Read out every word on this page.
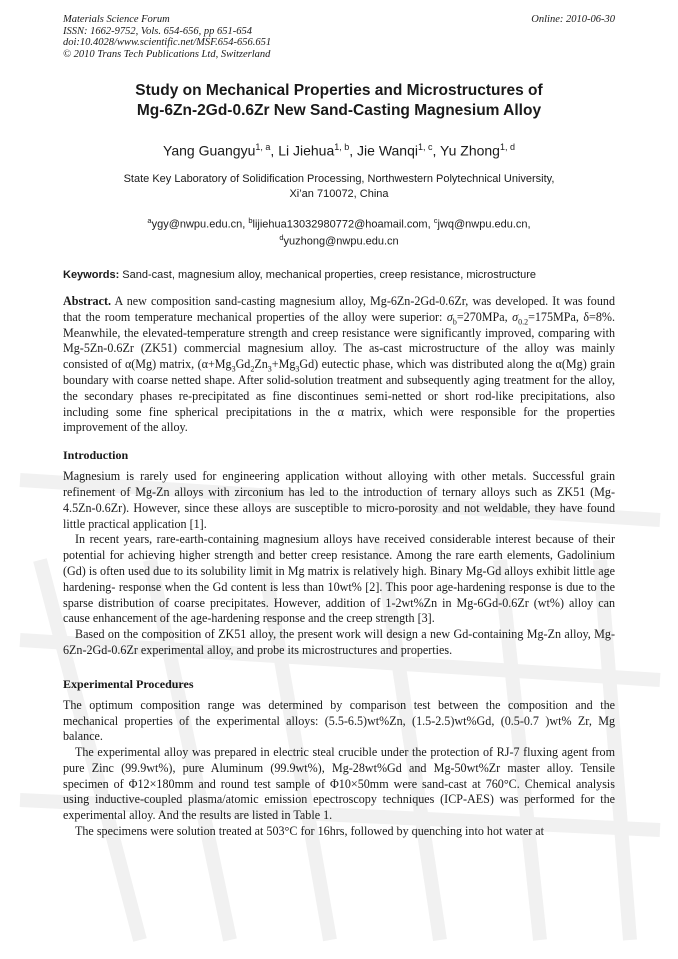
Materials Science Forum
ISSN: 1662-9752, Vols. 654-656, pp 651-654
doi:10.4028/www.scientific.net/MSF.654-656.651
© 2010 Trans Tech Publications Ltd, Switzerland
Online: 2010-06-30
Study on Mechanical Properties and Microstructures of
Mg-6Zn-2Gd-0.6Zr New Sand-Casting Magnesium Alloy
Yang Guangyu$^{1, a}$, Li Jiehua$^{1, b}$, Jie Wanqi$^{1, c}$, Yu Zhong$^{1, d}$
State Key Laboratory of Solidification Processing, Northwestern Polytechnical University,
Xi’an 710072, China
$^a$ygy@nwpu.edu.cn, $^b$lijiehua13032980772@hoamail.com, $^c$jwq@nwpu.edu.cn,
$^d$yuzhong@nwpu.edu.cn
Keywords: Sand-cast, magnesium alloy, mechanical properties, creep resistance, microstructure

Abstract. A new composition sand-casting magnesium alloy, Mg-6Zn-2Gd-0.6Zr, was developed. It was found that the room temperature mechanical properties of the alloy were superior: $\sigma_b=270MPa$, $\sigma_{0.2}=175MPa$, δ=8%. Meanwhile, the elevated-temperature strength and creep resistance were significantly improved, comparing with Mg-5Zn-0.6Zr (ZK51) commercial magnesium alloy. The as-cast microstructure of the alloy was mainly consisted of α(Mg) matrix, $(\alpha+Mg_3Gd_2Zn_3+Mg_3Gd)$ eutectic phase, which was distributed along the α(Mg) grain boundary with coarse netted shape. After solid-solution treatment and subsequently aging treatment for the alloy, the secondary phases re-precipitated as fine discontinues semi-netted or short rod-like precipitations, also including some fine spherical precipitations in the α matrix, which were responsible for the properties improvement of the alloy.

Introduction

Magnesium is rarely used for engineering application without alloying with other metals. Successful grain refinement of Mg-Zn alloys with zirconium has led to the introduction of ternary alloys such as ZK51 (Mg-4.5Zn-0.6Zr). However, since these alloys are susceptible to micro-porosity and not weldable, they have found little practical application [1].

In recent years, rare-earth-containing magnesium alloys have received considerable interest because of their potential for achieving higher strength and better creep resistance. Among the rare earth elements, Gadolinium (Gd) is often used due to its solubility limit in Mg matrix is relatively high. Binary Mg-Gd alloys exhibit little age hardening- response when the Gd content is less than 10wt% [2]. This poor age-hardening response is due to the sparse distribution of coarse precipitates. However, addition of 1-2wt%Zn in Mg-6Gd-0.6Zr (wt%) alloy can cause enhancement of the age-hardening response and the creep strength [3].

Based on the composition of ZK51 alloy, the present work will design a new Gd-containing Mg-Zn alloy, Mg-6Zn-2Gd-0.6Zr experimental alloy, and probe its microstructures and properties.

Experimental Procedures

The optimum composition range was determined by comparison test between the composition and the mechanical properties of the experimental alloys: (5.5-6.5)wt%Zn, (1.5-2.5)wt%Gd, (0.5-0.7 )wt% Zr, Mg balance.

The experimental alloy was prepared in electric steal crucible under the protection of RJ-7 fluxing agent from pure Zinc (99.9wt%), pure Aluminum (99.9wt%), Mg-28wt%Gd and Mg-50wt%Zr master alloy. Tensile specimen of Φ12×180mm and round test sample of Φ10×50mm were sand-cast at 760°C. Chemical analysis using inductive-coupled plasma/atomic emission epectroscopy techniques (ICP-AES) was performed for the experimental alloy. And the results are listed in Table 1.

The specimens were solution treated at 503°C for 16hrs, followed by quenching into hot water at
